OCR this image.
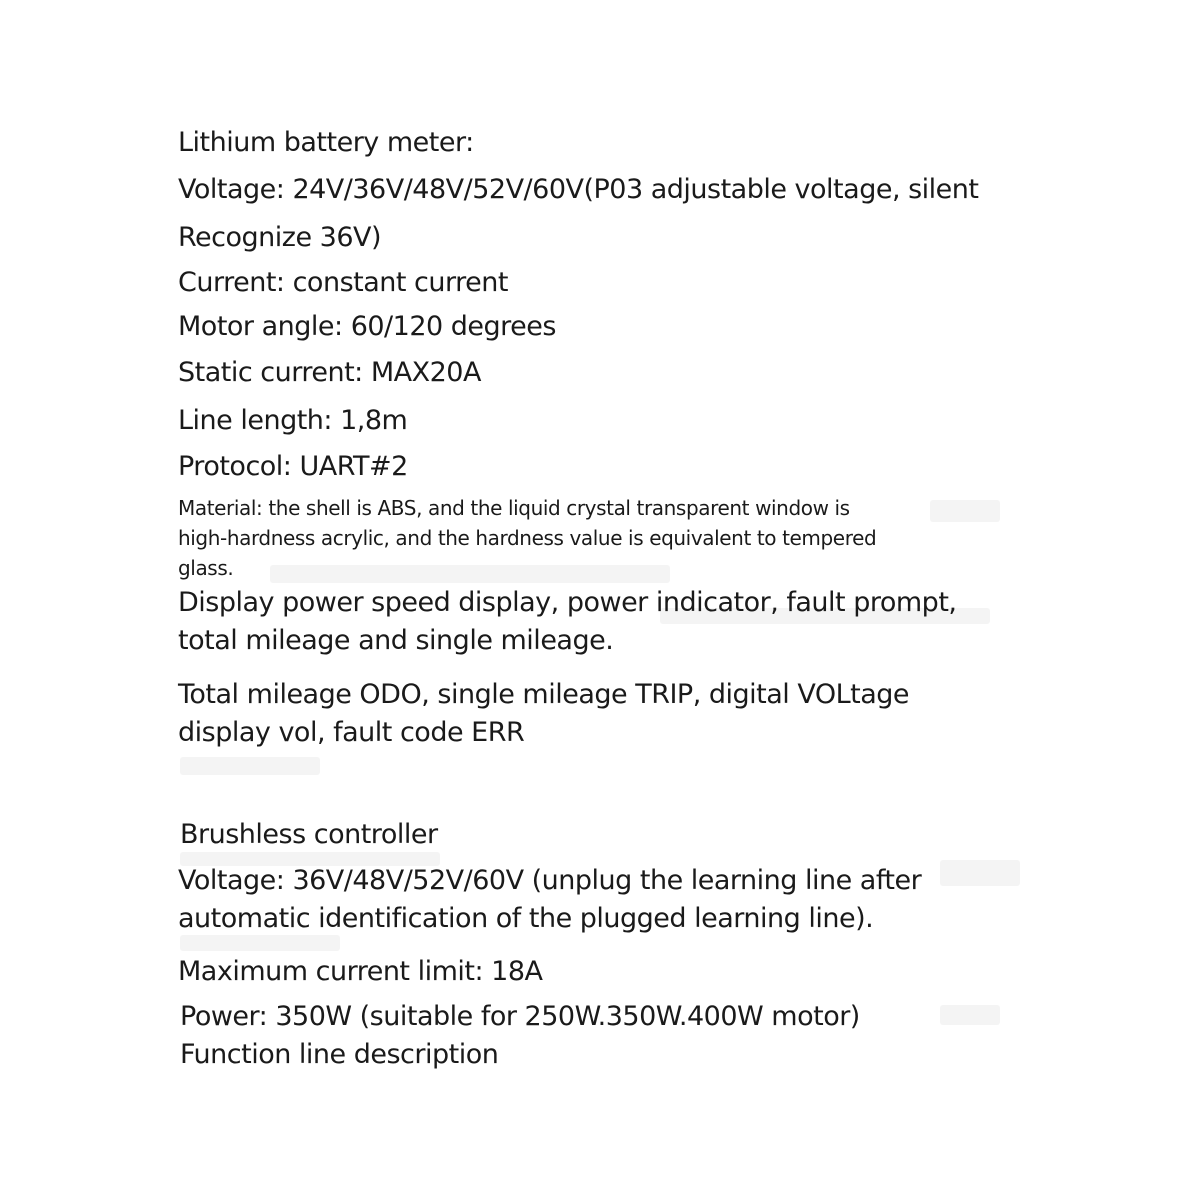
Lithium battery meter:
Voltage: 24V/36V/48V/52V/60V(P03 adjustable voltage, silent
Recognize 36V)
Current: constant current
Motor angle: 60/120 degrees
Static current: MAX20A
Line length: 1,8m
Protocol: UART#2
Material: the shell is ABS, and the liquid crystal transparent window is
high-hardness acrylic, and the hardness value is equivalent to tempered
glass.
Display power speed display, power indicator, fault prompt,
total mileage and single mileage.
Total mileage ODO, single mileage TRIP, digital VOLtage
display vol, fault code ERR
Brushless controller
Voltage: 36V/48V/52V/60V (unplug the learning line after
automatic identification of the plugged learning line).
Maximum current limit: 18A
Power: 350W (suitable for 250W.350W.400W motor)
Function line description
